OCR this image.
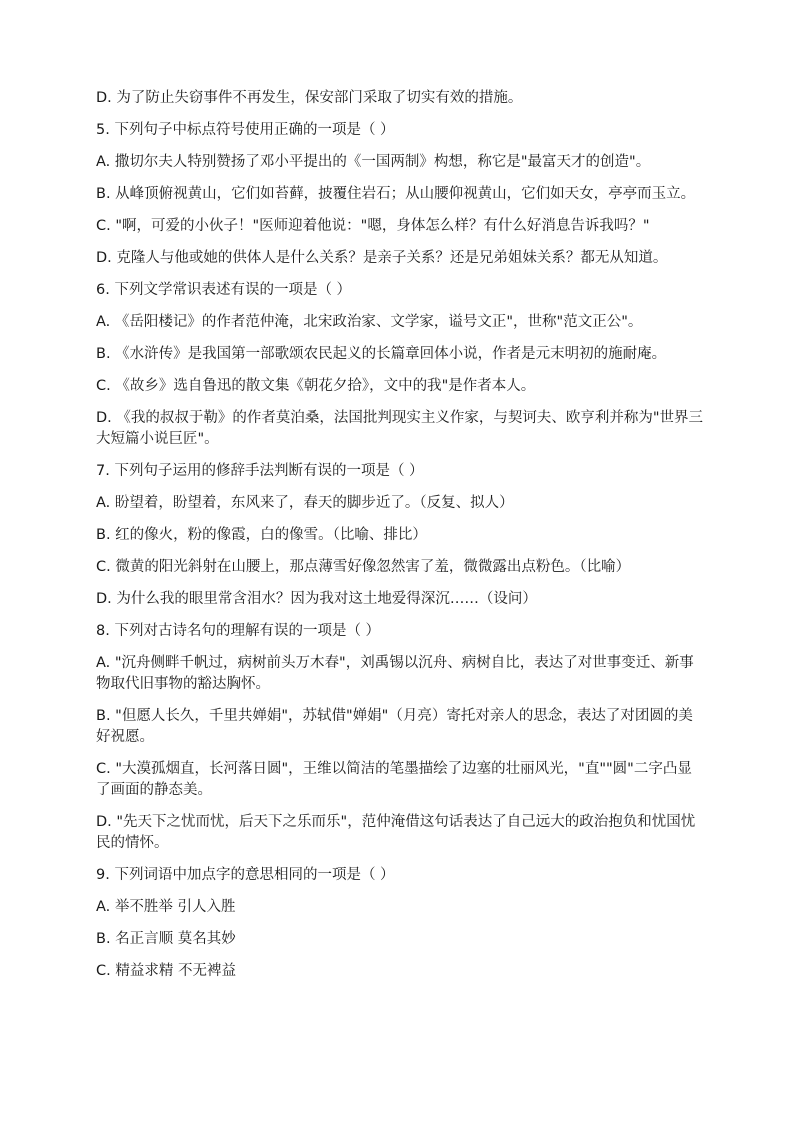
D. 为了防止失窃事件不再发生，保安部门采取了切实有效的措施。

5. 下列句子中标点符号使用正确的一项是（ ）

A. 撒切尔夫人特别赞扬了邓小平提出的《一国两制》构想，称它是"最富天才的创造"。

B. 从峰顶俯视黄山，它们如苔藓，披覆住岩石；从山腰仰视黄山，它们如天女，亭亭而玉立。

C. "啊，可爱的小伙子！"医师迎着他说："嗯，身体怎么样？有什么好消息告诉我吗？"

D. 克隆人与他或她的供体人是什么关系？是亲子关系？还是兄弟姐妹关系？都无从知道。

6. 下列文学常识表述有误的一项是（ ）

A. 《岳阳楼记》的作者范仲淹，北宋政治家、文学家，谥号文正"，世称"范文正公"。

B. 《水浒传》是我国第一部歌颂农民起义的长篇章回体小说，作者是元末明初的施耐庵。

C. 《故乡》选自鲁迅的散文集《朝花夕拾》，文中的我"是作者本人。

D. 《我的叔叔于勒》的作者莫泊桑，法国批判现实主义作家，与契诃夫、欧亨利并称为"世界三大短篇小说巨匠"。

7. 下列句子运用的修辞手法判断有误的一项是（ ）

A. 盼望着，盼望着，东风来了，春天的脚步近了。（反复、拟人）

B. 红的像火，粉的像霞，白的像雪。（比喻、排比）

C. 微黄的阳光斜射在山腰上，那点薄雪好像忽然害了羞，微微露出点粉色。（比喻）

D. 为什么我的眼里常含泪水？因为我对这土地爱得深沉……（设问）

8. 下列对古诗名句的理解有误的一项是（ ）

A. "沉舟侧畔千帆过，病树前头万木春"，刘禹锡以沉舟、病树自比，表达了对世事变迁、新事物取代旧事物的豁达胸怀。

B. "但愿人长久，千里共婵娟"，苏轼借"婵娟"（月亮）寄托对亲人的思念，表达了对团圆的美好祝愿。

C. "大漠孤烟直，长河落日圆"，王维以简洁的笔墨描绘了边塞的壮丽风光，"直""圆"二字凸显了画面的静态美。

D. "先天下之忧而忧，后天下之乐而乐"，范仲淹借这句话表达了自己远大的政治抱负和忧国忧民的情怀。

9. 下列词语中加点字的意思相同的一项是（ ）

A. 举不胜举 引人入胜

B. 名正言顺 莫名其妙

C. 精益求精 不无裨益
